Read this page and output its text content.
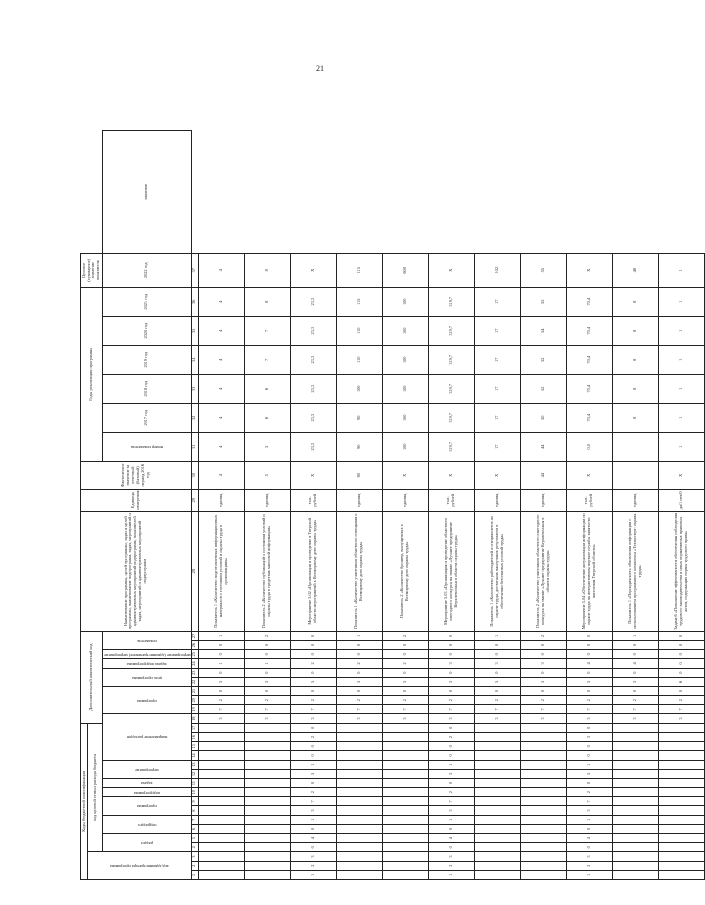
21
Коды бюджетной классификации																	Дополнительный аналитический код										Наименование программы, целей программы, задач и целей программы, наименование подпрограмм, задач, мероприятий и административных мероприятий подпрограмм, показателей задач, мероприятий и административных мероприятий подпрограмм	Единица измерения	Фактическое значение за отчетный (базовый) период 2016 год	Годы реализации программы						Целевое (суммарное) значение показателя	

код администратора программы			код целевой статьи расхода бюджета																																		

			раздел		подраздел		программа		подпрограмма	задача	мероприятие		направление расходов					программа			цель программы		задача подпрограммы	мероприятие (административное) мероприятие	показатель					номер показателя	2017 год	2018 год	2019 год	2020 год	2021 год	2022 год	значение
1	2	3	4	5	6	7	8	9	10	11	12	13	14	15	16	17	18	19	20	21	22	23	24	25	26	27	28	29	30	31	32	33	34	35	36	37	
																	3	7	2	0	5	0	1	0	0	1	Показатель 1 «Количество подготовленных информационных материалов о состоянии условий и охраны труда в организациях»	единиц	4	4	4	4	4	4	4	4	
																	3	7	2	0	5	0	1	0	0	2	Показатель 2 «Количество публикаций о состоянии условий и охраны труда в средствах массовой информации»	единиц	5	5	6	6	7	7	8	8	
1	2	3	0	4	0	1	3	7	2	0	5	1	0	0	2	0	3	7	2	0	5	0	2	0	0	0	Мероприятие 5.02 «Организация и проведение в Тверской области мероприятий к Всемирному дню охраны труда»	тыс. рублей	X	23,3	23,3	23,3	23,3	23,3	23,3	X	
																	3	7	2	0	5	0	2	0	0	1	Показатель 1 «Количество участников областного совещания к Всемирному дню охраны труда»	единиц	80	90	90	100	110	110	115	115	
																	3	7	2	0	5	0	2	0	0	2	Показатель 2 «Количество брошюр, выпущенных к Всемирному дню охраны труда»	единиц	X	100	100	100	100	100	100	600	
1	2	3	0	4	0	1	3	7	2	0	5	1	0	0	2	0	3	7	2	0	5	0	3	0	0	0	Мероприятие 5.03 «Организация и проведение областного ежегодного конкурса на звание «Лучшее предприятие Верхневолжья в области охраны труда»	тыс. рублей	X	319,7	319,7	319,7	319,7	319,7	319,7	X	
																	3	7	2	0	5	0	3	0	0	1	Показатель 1 «Количество работодателей и специалистов по охране труда, достигших наилучших результатов в обеспечении безопасных условий труда»	единиц	X	17	17	17	17	17	17	102	
																	3	7	2	0	5	0	3	0	0	2	Показатель 2 «Количество участников областного ежегодного конкурса на звание «Лучшее предприятие Верхневолжья в области охраны труда»	единиц	44	44	50	52	52	54	55	55	
1	2	3	0	4	0	1	3	7	2	0	5	1	0	0	3	0	3	7	2	0	5	0	4	0	0	0	Мероприятие 5.04 «Обеспечение актуализации информации по охране труда на интерактивном портале службы занятости населения Тверской области»	тыс. рублей	X	0,0	70,4	70,4	70,4	70,4	70,4	X	
																	3	7	2	0	5	0	4	0	0	1	Показатель 1 «Периодичность обновления информации с использованием программного комплекса «Техэксперт: охрана труда»	единиц			8	8	8	8	8	48	
																	3	7	2	0	6	0	0	0	0	0	Задача 6 «Повышение эффективности обеспечения соблюдения трудового законодательства и иных нормативных правовых актов, содержащих нормы трудового права»	да/1 нет/0	X	1	1	1	1	1	1	1	
